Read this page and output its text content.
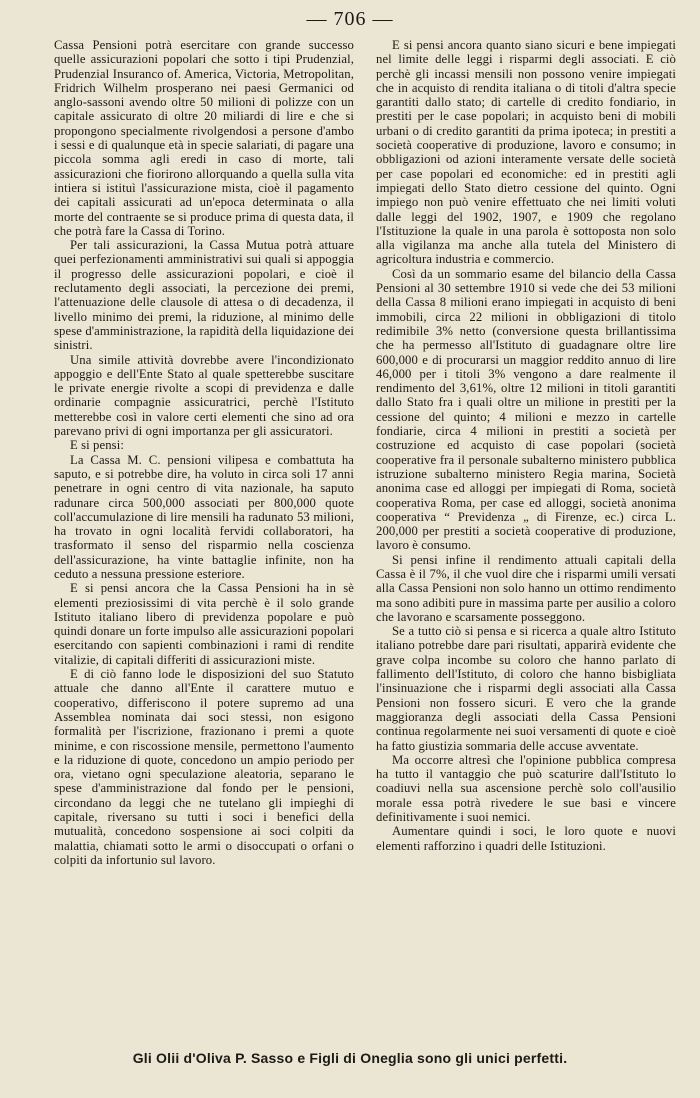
— 706 —

Cassa Pensioni potrà esercitare con grande successo quelle assicurazioni popolari che sotto i tipi Prudenzial, Prudenzial Insuranco of. America, Victoria, Metropolitan, Fridrich Wilhelm prosperano nei paesi Germanici od anglo-sassoni avendo oltre 50 milioni di polizze con un capitale assicurato di oltre 20 miliardi di lire e che si propongono specialmente rivolgendosi a persone d'ambo i sessi e di qualunque età in specie salariati, di pagare una piccola somma agli eredi in caso di morte, tali assicurazioni che fiorirono allorquando a quella sulla vita intiera si istituì l'assicurazione mista, cioè il pagamento dei capitali assicurati ad un'epoca determinata o alla morte del contraente se si produce prima di questa data, il che potrà fare la Cassa di Torino.

Per tali assicurazioni, la Cassa Mutua potrà attuare quei perfezionamenti amministrativi sui quali si appoggia il progresso delle assicurazioni popolari, e cioè il reclutamento degli associati, la percezione dei premi, l'attenuazione delle clausole di attesa o di decadenza, il livello minimo dei premi, la riduzione, al minimo delle spese d'amministrazione, la rapidità della liquidazione dei sinistri.

Una simile attività dovrebbe avere l'incondizionato appoggio e dell'Ente Stato al quale spetterebbe suscitare le private energie rivolte a scopi di previdenza e dalle ordinarie compagnie assicuratrici, perchè l'Istituto metterebbe così in valore certi elementi che sino ad ora parevano privi di ogni importanza per gli assicuratori.

E si pensi:

La Cassa M. C. pensioni vilipesa e combattuta ha saputo, e si potrebbe dire, ha voluto in circa soli 17 anni penetrare in ogni centro di vita nazionale, ha saputo radunare circa 500,000 associati per 800,000 quote coll'accumulazione di lire mensili ha radunato 53 milioni, ha trovato in ogni località fervidi collaboratori, ha trasformato il senso del risparmio nella coscienza dell'assicurazione, ha vinte battaglie infinite, non ha ceduto a nessuna pressione esteriore.

E si pensi ancora che la Cassa Pensioni ha in sè elementi preziosissimi di vita perchè è il solo grande Istituto italiano libero di previdenza popolare e può quindi donare un forte impulso alle assicurazioni popolari esercitando con sapienti combinazioni i rami di rendite vitalizie, di capitali differiti di assicurazioni miste.

E di ciò fanno lode le disposizioni del suo Statuto attuale che danno all'Ente il carattere mutuo e cooperativo, differiscono il potere supremo ad una Assemblea nominata dai soci stessi, non esigono formalità per l'iscrizione, frazionano i premi a quote minime, e con riscossione mensile, permettono l'aumento e la riduzione di quote, concedono un ampio periodo per ora, vietano ogni speculazione aleatoria, separano le spese d'amministrazione dal fondo per le pensioni, circondano da leggi che ne tutelano gli impieghi di capitale, riversano su tutti i soci i benefici della mutualità, concedono sospensione ai soci colpiti da malattia, chiamati sotto le armi o disoccupati o orfani o colpiti da infortunio sul lavoro.

E si pensi ancora quanto siano sicuri e bene impiegati nel limite delle leggi i risparmi degli associati. E ciò perchè gli incassi mensili non possono venire impiegati che in acquisto di rendita italiana o di titoli d'altra specie garantiti dallo stato; di cartelle di credito fondiario, in prestiti per le case popolari; in acquisto beni di mobili urbani o di credito garantiti da prima ipoteca; in prestiti a società cooperative di produzione, lavoro e consumo; in obbligazioni od azioni interamente versate delle società per case popolari ed economiche: ed in prestiti agli impiegati dello Stato dietro cessione del quinto. Ogni impiego non può venire effettuato che nei limiti voluti dalle leggi del 1902, 1907, e 1909 che regolano l'Istituzione la quale in una parola è sottoposta non solo alla vigilanza ma anche alla tutela del Ministero di agricoltura industria e commercio.

Così da un sommario esame del bilancio della Cassa Pensioni al 30 settembre 1910 si vede che dei 53 milioni della Cassa 8 milioni erano impiegati in acquisto di beni immobili, circa 22 milioni in obbligazioni di titolo redimibile 3% netto (conversione questa brillantissima che ha permesso all'Istituto di guadagnare oltre lire 600,000 e di procurarsi un maggior reddito annuo di lire 46,000 per i titoli 3% vengono a dare realmente il rendimento del 3,61%, oltre 12 milioni in titoli garantiti dallo Stato fra i quali oltre un milione in prestiti per la cessione del quinto; 4 milioni e mezzo in cartelle fondiarie, circa 4 milioni in prestiti a società per costruzione ed acquisto di case popolari (società cooperative fra il personale subalterno ministero pubblica istruzione subalterno ministero Regia marina, Società anonima case ed alloggi per impiegati di Roma, società cooperativa Roma, per case ed alloggi, società anonima cooperativa “ Previdenza „ di Firenze, ec.) circa L. 200,000 per prestiti a società cooperative di produzione, lavoro è consumo.

Si pensi infine il rendimento attuali capitali della Cassa è il 7%, il che vuol dire che i risparmi umili versati alla Cassa Pensioni non solo hanno un ottimo rendimento ma sono adibiti pure in massima parte per ausilio a coloro che lavorano e scarsamente posseggono.

Se a tutto ciò si pensa e si ricerca a quale altro Istituto italiano potrebbe dare pari risultati, apparirà evidente che grave colpa incombe su coloro che hanno parlato di fallimento dell'Istituto, di coloro che hanno bisbigliata l'insinuazione che i risparmi degli associati alla Cassa Pensioni non fossero sicuri. E vero che la grande maggioranza degli associati della Cassa Pensioni continua regolarmente nei suoi versamenti di quote e cioè ha fatto giustizia sommaria delle accuse avventate.

Ma occorre altresì che l'opinione pubblica compresa ha tutto il vantaggio che può scaturire dall'Istituto lo coadiuvi nella sua ascensione perchè solo coll'ausilio morale essa potrà rivedere le sue basi e vincere definitivamente i suoi nemici.

Aumentare quindi i soci, le loro quote e nuovi elementi rafforzino i quadri delle Istituzioni.

Gli Olii d'Oliva P. Sasso e Figli di Oneglia sono gli unici perfetti.
